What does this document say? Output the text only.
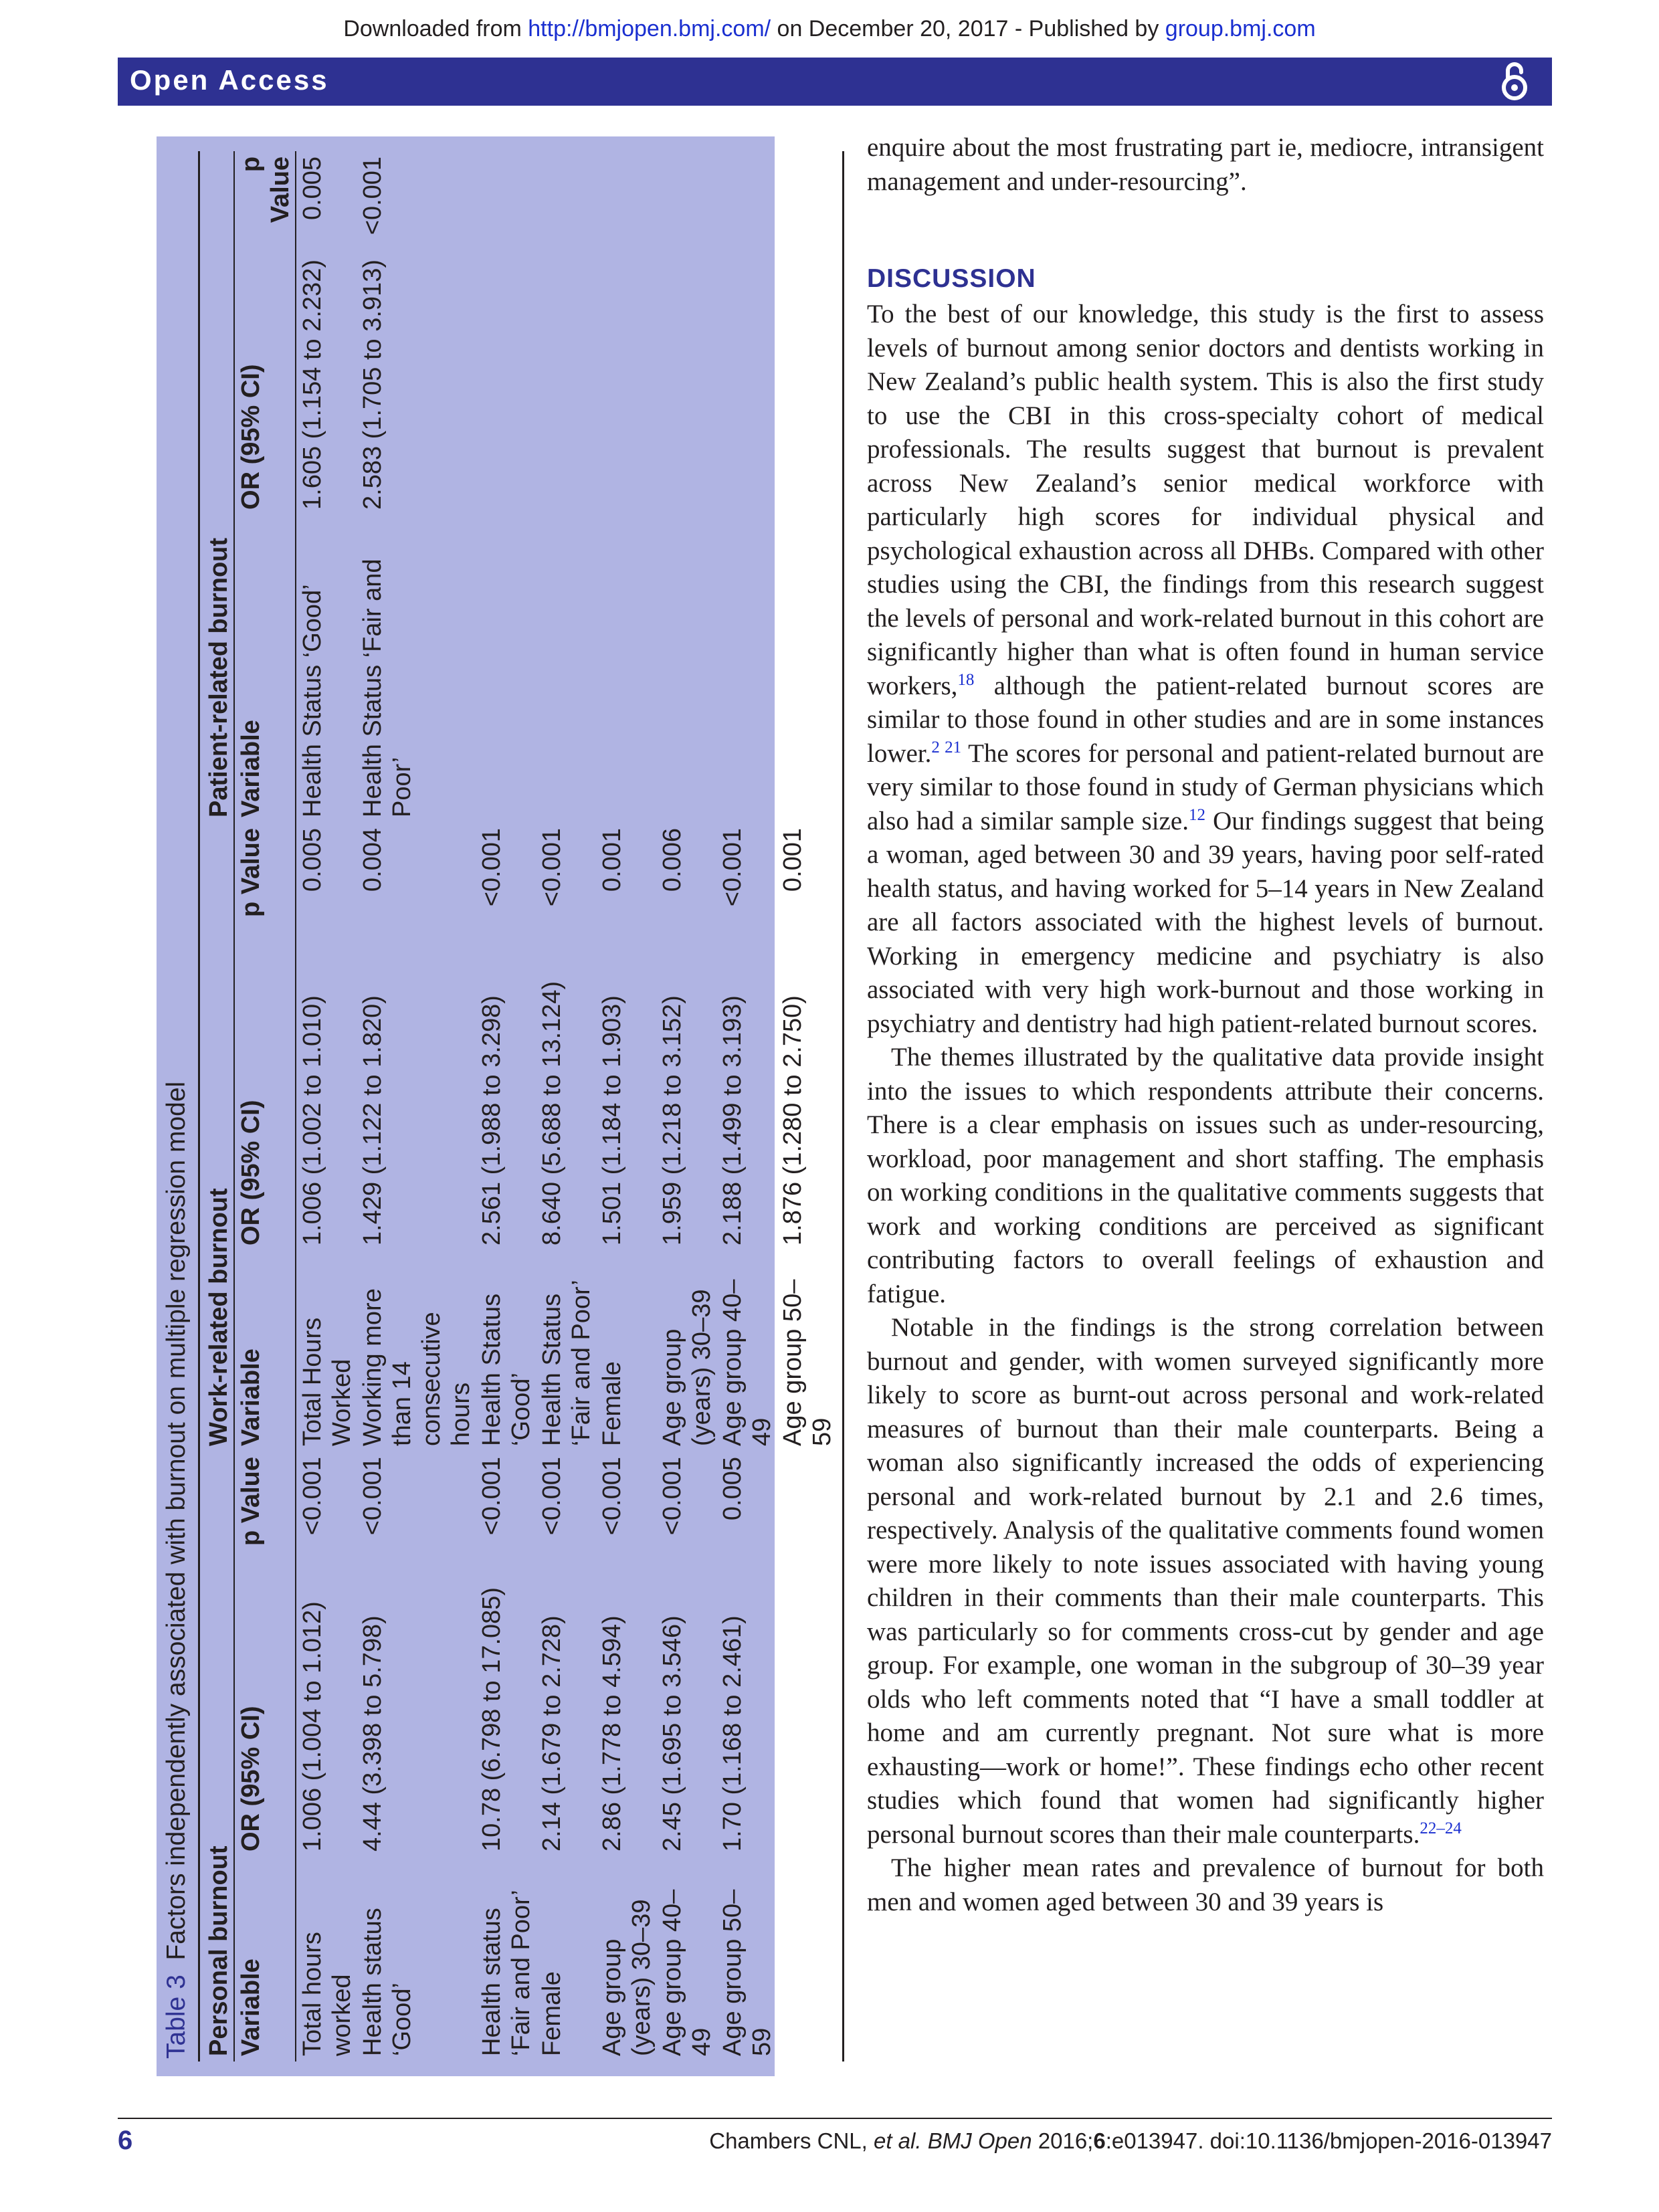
Downloaded from http://bmjopen.bmj.com/ on December 20, 2017 - Published by group.bmj.com
Open Access
Table 3  Factors independently associated with burnout on multiple regression model Personal burnout			Work-related burnout			Patient-related burnout		
Variable	OR (95% CI)	p Value	Variable	OR (95% CI)	p Value	Variable	OR (95% CI)	p Value
Total hours worked	1.006 (1.004 to 1.012)	<0.001	Total Hours Worked	1.006 (1.002 to 1.010)	0.005	Health Status ‘Good’	1.605 (1.154 to 2.232)	0.005
Health status ‘Good’	4.44 (3.398 to 5.798)	<0.001	Working more than 14 consecutive hours	1.429 (1.122 to 1.820)	0.004	Health Status ‘Fair and Poor’	2.583 (1.705 to 3.913)	<0.001
Health status ‘Fair and Poor’	10.78 (6.798 to 17.085)	<0.001	Health Status ‘Good’	2.561 (1.988 to 3.298)	<0.001			
Female	2.14 (1.679 to 2.728)	<0.001	Health Status ‘Fair and Poor’	8.640 (5.688 to 13.124)	<0.001			
Age group (years) 30–39	2.86 (1.778 to 4.594)	<0.001	Female	1.501 (1.184 to 1.903)	0.001			
Age group 40–49	2.45 (1.695 to 3.546)	<0.001	Age group (years) 30–39	1.959 (1.218 to 3.152)	0.006			
Age group 50–59	1.70 (1.168 to 2.461)	0.005	Age group 40–49	2.188 (1.499 to 3.193)	<0.001			
			Age group 50–59	1.876 (1.280 to 2.750)	0.001			

enquire about the most frustrating part ie, mediocre, intransigent management and under-resourcing”.

DISCUSSION

To the best of our knowledge, this study is the first to assess levels of burnout among senior doctors and dentists working in New Zealand’s public health system. This is also the first study to use the CBI in this cross-specialty cohort of medical professionals. The results suggest that burnout is prevalent across New Zealand’s senior medical workforce with particularly high scores for individual physical and psychological exhaustion across all DHBs. Compared with other studies using the CBI, the findings from this research suggest the levels of personal and work-related burnout in this cohort are significantly higher than what is often found in human service workers,$^{18}$ although the patient-related burnout scores are similar to those found in other studies and are in some instances lower.$^{2 21}$ The scores for personal and patient-related burnout are very similar to those found in study of German physicians which also had a similar sample size.$^{12}$ Our findings suggest that being a woman, aged between 30 and 39 years, having poor self-rated health status, and having worked for 5–14 years in New Zealand are all factors associated with the highest levels of burnout. Working in emergency medicine and psychiatry is also associated with very high work-burnout and those working in psychiatry and dentistry had high patient-related burnout scores.

The themes illustrated by the qualitative data provide insight into the issues to which respondents attribute their concerns. There is a clear emphasis on issues such as under-resourcing, workload, poor management and short staffing. The emphasis on working conditions in the qualitative comments suggests that work and working conditions are perceived as significant contributing factors to overall feelings of exhaustion and fatigue.

Notable in the findings is the strong correlation between burnout and gender, with women surveyed significantly more likely to score as burnt-out across personal and work-related measures of burnout than their male counterparts. Being a woman also significantly increased the odds of experiencing personal and work-related burnout by 2.1 and 2.6 times, respectively. Analysis of the qualitative comments found women were more likely to note issues associated with having young children in their comments than their male counterparts. This was particularly so for comments cross-cut by gender and age group. For example, one woman in the subgroup of 30–39 year olds who left comments noted that “I have a small toddler at home and am currently pregnant. Not sure what is more exhausting—work or home!”. These findings echo other recent studies which found that women had significantly higher personal burnout scores than their male counterparts.$^{22-24}$

The higher mean rates and prevalence of burnout for both men and women aged between 30 and 39 years is

6	Chambers CNL, et al. BMJ Open 2016;6:e013947. doi:10.1136/bmjopen-2016-013947
